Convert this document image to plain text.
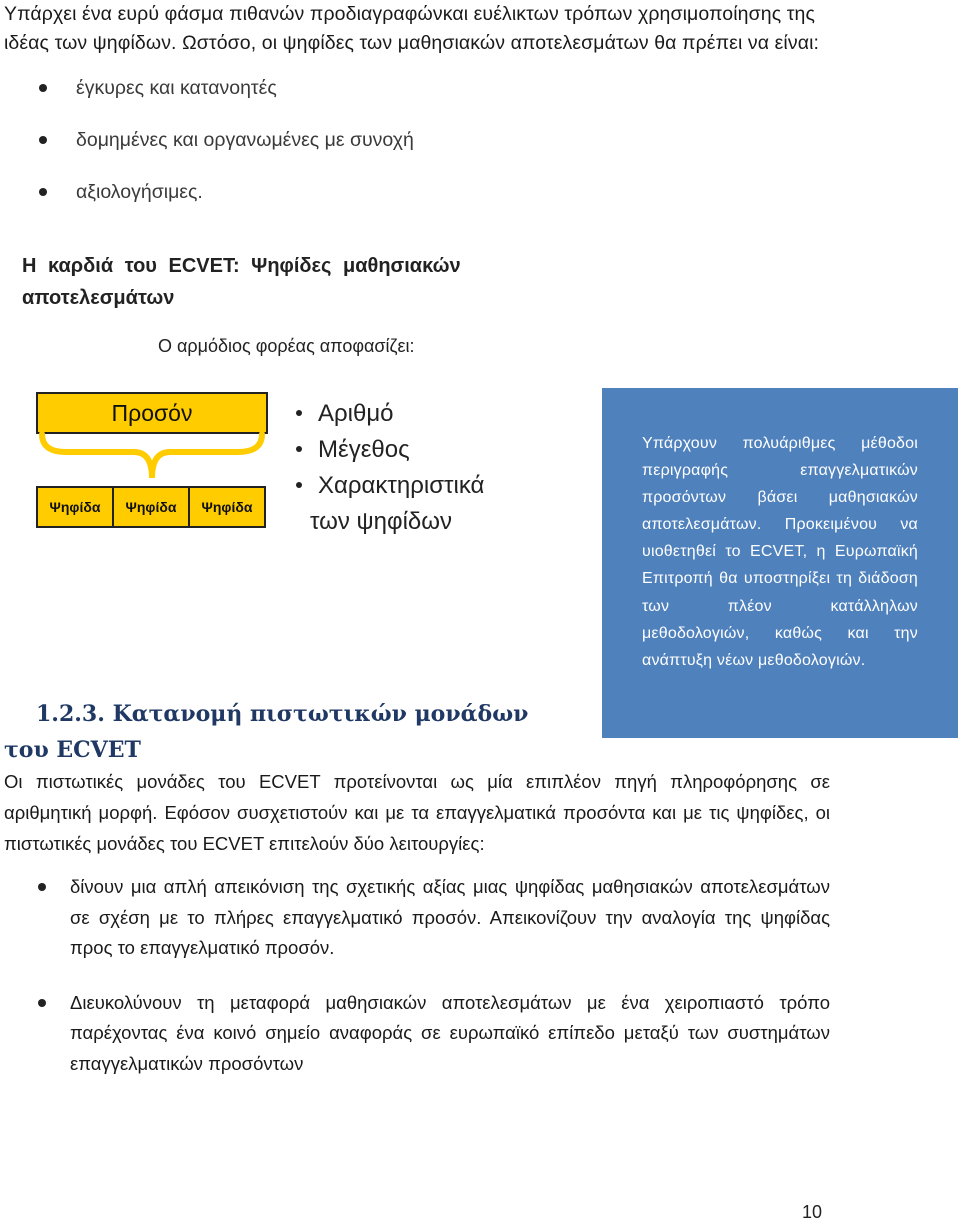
Υπάρχει ένα ευρύ φάσμα πιθανών προδιαγραφώνκαι ευέλικτων τρόπων χρησιμοποίησης της ιδέας των ψηφίδων. Ωστόσο, οι ψηφίδες των μαθησιακών αποτελεσμάτων θα πρέπει να είναι:

έγκυρες και κατανοητές
δομημένες και οργανωμένες με συνοχή
αξιολογήσιμες.
Η καρδιά του ECVET: Ψηφίδες μαθησιακών αποτελεσμάτων
Ο αρμόδιος φορέας αποφασίζει:
Προσόν
Ψηφίδα	Ψηφίδα	Ψηφίδα
Αριθμό
Μέγεθος
Χαρακτηριστικά
των ψηφίδων

Υπάρχουν πολυάριθμες μέθοδοι περιγραφής επαγγελματικών προσόντων βάσει μαθησιακών αποτελεσμάτων. Προκειμένου να υιοθετηθεί το ECVET, η Ευρωπαϊκή Επιτροπή θα υποστηρίξει τη διάδοση των πλέον κατάλληλων μεθοδολογιών, καθώς και την ανάπτυξη νέων μεθοδολογιών.

1.2.3. Κατανομή πιστωτικών μονάδων του ECVET

Οι πιστωτικές μονάδες του ECVET προτείνονται ως μία επιπλέον πηγή πληροφόρησης σε αριθμητική μορφή. Εφόσον συσχετιστούν και με τα επαγγελματικά προσόντα και με τις ψηφίδες, οι πιστωτικές μονάδες του ECVET επιτελούν δύο λειτουργίες:

δίνουν μια απλή απεικόνιση της σχετικής αξίας μιας ψηφίδας μαθησιακών αποτελεσμάτων σε σχέση με το πλήρες επαγγελματικό προσόν. Απεικονίζουν την αναλογία της ψηφίδας προς το επαγγελματικό προσόν.
Διευκολύνουν τη μεταφορά μαθησιακών αποτελεσμάτων με ένα χειροπιαστό τρόπο παρέχοντας ένα κοινό σημείο αναφοράς σε ευρωπαϊκό επίπεδο μεταξύ των συστημάτων επαγγελματικών προσόντων
10
